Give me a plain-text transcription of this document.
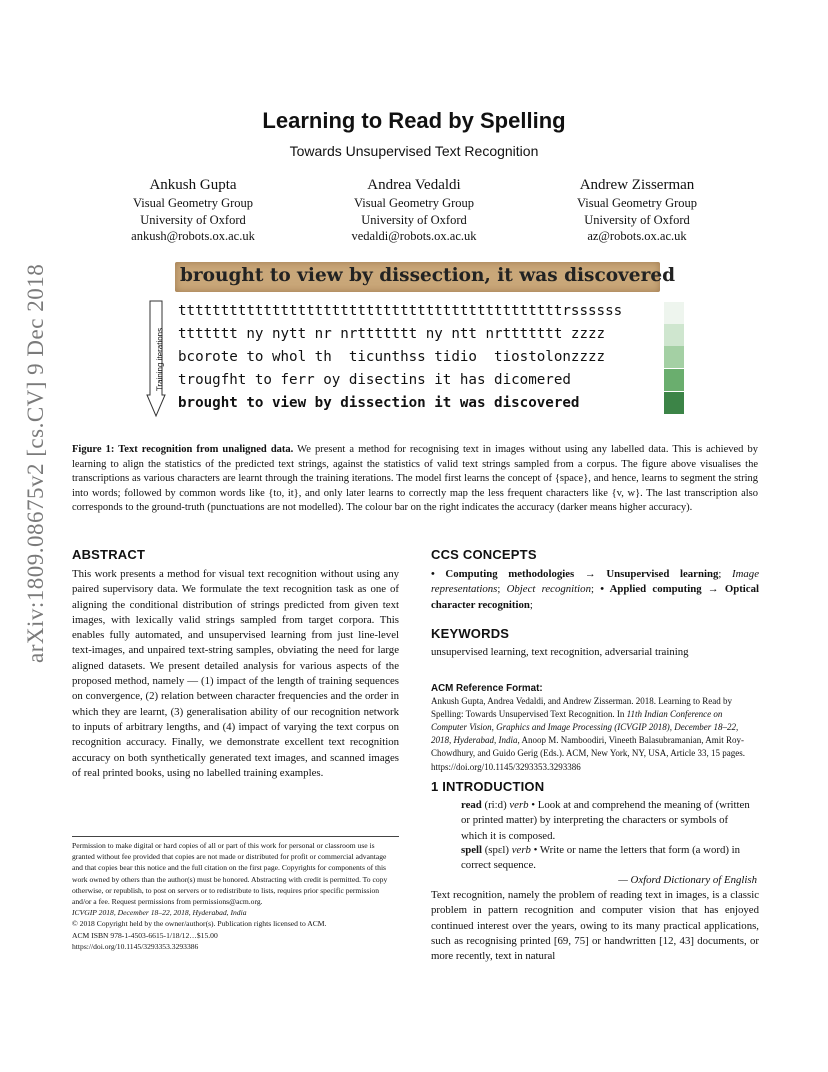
arXiv:1809.08675v2 [cs.CV] 9 Dec 2018
Learning to Read by Spelling
Towards Unsupervised Text Recognition
Ankush Gupta
Visual Geometry Group
University of Oxford
ankush@robots.ox.ac.uk
Andrea Vedaldi
Visual Geometry Group
University of Oxford
vedaldi@robots.ox.ac.uk
Andrew Zisserman
Visual Geometry Group
University of Oxford
az@robots.ox.ac.uk
brought to view by dissection, it was discovered
Training iterations
tttttttttttttttttttttttttttttttttttttttttttttrssssss
ttttttt ny nytt nr nrttttttt ny ntt nrttttttt zzzz
bcorote to whol th  ticunthss tidio  tiostolonzzzz
trougfht to ferr oy disectins it has dicomered
brought to view by dissection it was discovered
Figure 1: Text recognition from unaligned data. We present a method for recognising text in images without using any labelled data. This is achieved by learning to align the statistics of the predicted text strings, against the statistics of valid text strings sampled from a corpus. The figure above visualises the transcriptions as various characters are learnt through the training iterations. The model first learns the concept of {space}, and hence, learns to segment the string into words; followed by common words like {to, it}, and only later learns to correctly map the less frequent characters like {v, w}. The last transcription also corresponds to the ground-truth (punctuations are not modelled). The colour bar on the right indicates the accuracy (darker means higher accuracy).
ABSTRACT
This work presents a method for visual text recognition without using any paired supervisory data. We formulate the text recognition task as one of aligning the conditional distribution of strings predicted from given text images, with lexically valid strings sampled from target corpora. This enables fully automated, and unsupervised learning from just line-level text-images, and unpaired text-string samples, obviating the need for large aligned datasets. We present detailed analysis for various aspects of the proposed method, namely — (1) impact of the length of training sequences on convergence, (2) relation between character frequencies and the order in which they are learnt, (3) generalisation ability of our recognition network to inputs of arbitrary lengths, and (4) impact of varying the text corpus on recognition accuracy. Finally, we demonstrate excellent text recognition accuracy on both synthetically generated text images, and scanned images of real printed books, using no labelled training examples.

Permission to make digital or hard copies of all or part of this work for personal or classroom use is granted without fee provided that copies are not made or distributed for profit or commercial advantage and that copies bear this notice and the full citation on the first page. Copyrights for components of this work owned by others than the author(s) must be honored. Abstracting with credit is permitted. To copy otherwise, or republish, to post on servers or to redistribute to lists, requires prior specific permission and/or a fee. Request permissions from permissions@acm.org.

ICVGIP 2018, December 18–22, 2018, Hyderabad, India

© 2018 Copyright held by the owner/author(s). Publication rights licensed to ACM.

ACM ISBN 978-1-4503-6615-1/18/12…$15.00

https://doi.org/10.1145/3293353.3293386

CCS CONCEPTS
• Computing methodologies → Unsupervised learning; Image representations; Object recognition; • Applied computing → Optical character recognition;
KEYWORDS
unsupervised learning, text recognition, adversarial training
ACM Reference Format:
Ankush Gupta, Andrea Vedaldi, and Andrew Zisserman. 2018. Learning to Read by Spelling: Towards Unsupervised Text Recognition. In 11th Indian Conference on Computer Vision, Graphics and Image Processing (ICVGIP 2018), December 18–22, 2018, Hyderabad, India, Anoop M. Namboodiri, Vineeth Balasubramanian, Amit Roy-Chowdhury, and Guido Gerig (Eds.). ACM, New York, NY, USA, Article 33, 15 pages. https://doi.org/10.1145/3293353.3293386
1 INTRODUCTION
read (riːd) verb • Look at and comprehend the meaning of (written or printed matter) by interpreting the characters or symbols of which it is composed.
spell (spɛl) verb • Write or name the letters that form (a word) in correct sequence.
— Oxford Dictionary of English
Text recognition, namely the problem of reading text in images, is a classic problem in pattern recognition and computer vision that has enjoyed continued interest over the years, owing to its many practical applications, such as recognising printed [69, 75] or handwritten [12, 43] documents, or more recently, text in natural
